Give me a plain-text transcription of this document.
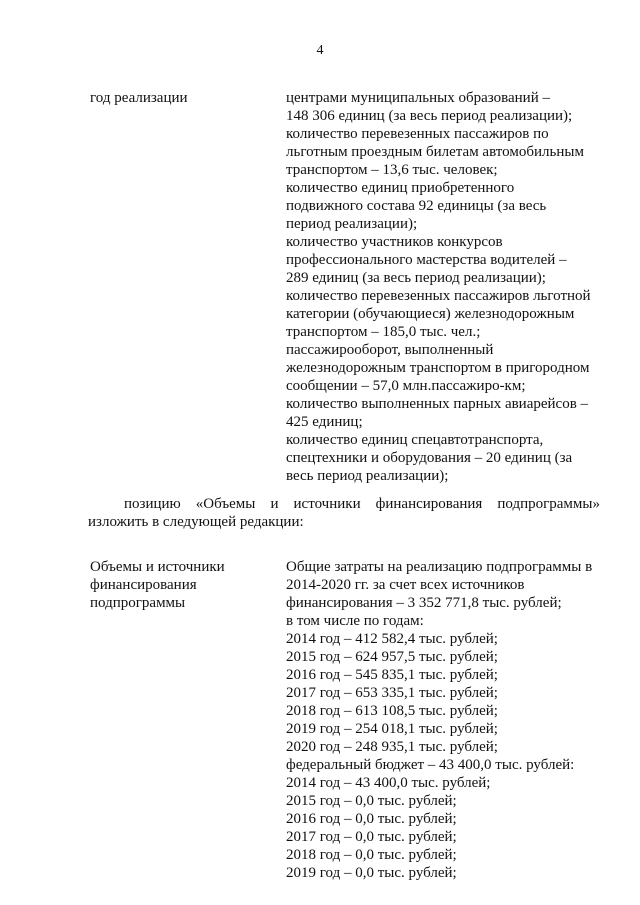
4
год реализации	центрами муниципальных образований –
148 306 единиц (за весь период реализации);
количество перевезенных пассажиров по
льготным проездным билетам автомобильным
транспортом – 13,6 тыс. человек;
количество единиц приобретенного
подвижного состава 92 единицы (за весь
период реализации);
количество участников конкурсов
профессионального мастерства водителей –
289 единиц (за весь период реализации);
количество перевезенных пассажиров льготной
категории (обучающиеся) железнодорожным
транспортом – 185,0 тыс. чел.;
пассажирооборот, выполненный
железнодорожным транспортом в пригородном
сообщении – 57,0 млн.пассажиро-км;
количество выполненных парных авиарейсов –
425 единиц;
количество единиц спецавтотранспорта,
спецтехники и оборудования – 20 единиц (за
весь период реализации);
позицию «Объемы и источники финансирования подпрограммы»
изложить в следующей редакции:
Объемы и источники
финансирования
подпрограммы
Общие затраты на реализацию подпрограммы в
2014-2020 гг. за счет всех источников
финансирования – 3 352 771,8 тыс. рублей;
в том числе по годам:
2014 год – 412 582,4 тыс. рублей;
2015 год – 624 957,5 тыс. рублей;
2016 год – 545 835,1 тыс. рублей;
2017 год – 653 335,1 тыс. рублей;
2018 год – 613 108,5 тыс. рублей;
2019 год – 254 018,1 тыс. рублей;
2020 год – 248 935,1 тыс. рублей;
федеральный бюджет – 43 400,0 тыс. рублей:
2014 год – 43 400,0 тыс. рублей;
2015 год – 0,0 тыс. рублей;
2016 год – 0,0 тыс. рублей;
2017 год – 0,0 тыс. рублей;
2018 год – 0,0 тыс. рублей;
2019 год – 0,0 тыс. рублей;
